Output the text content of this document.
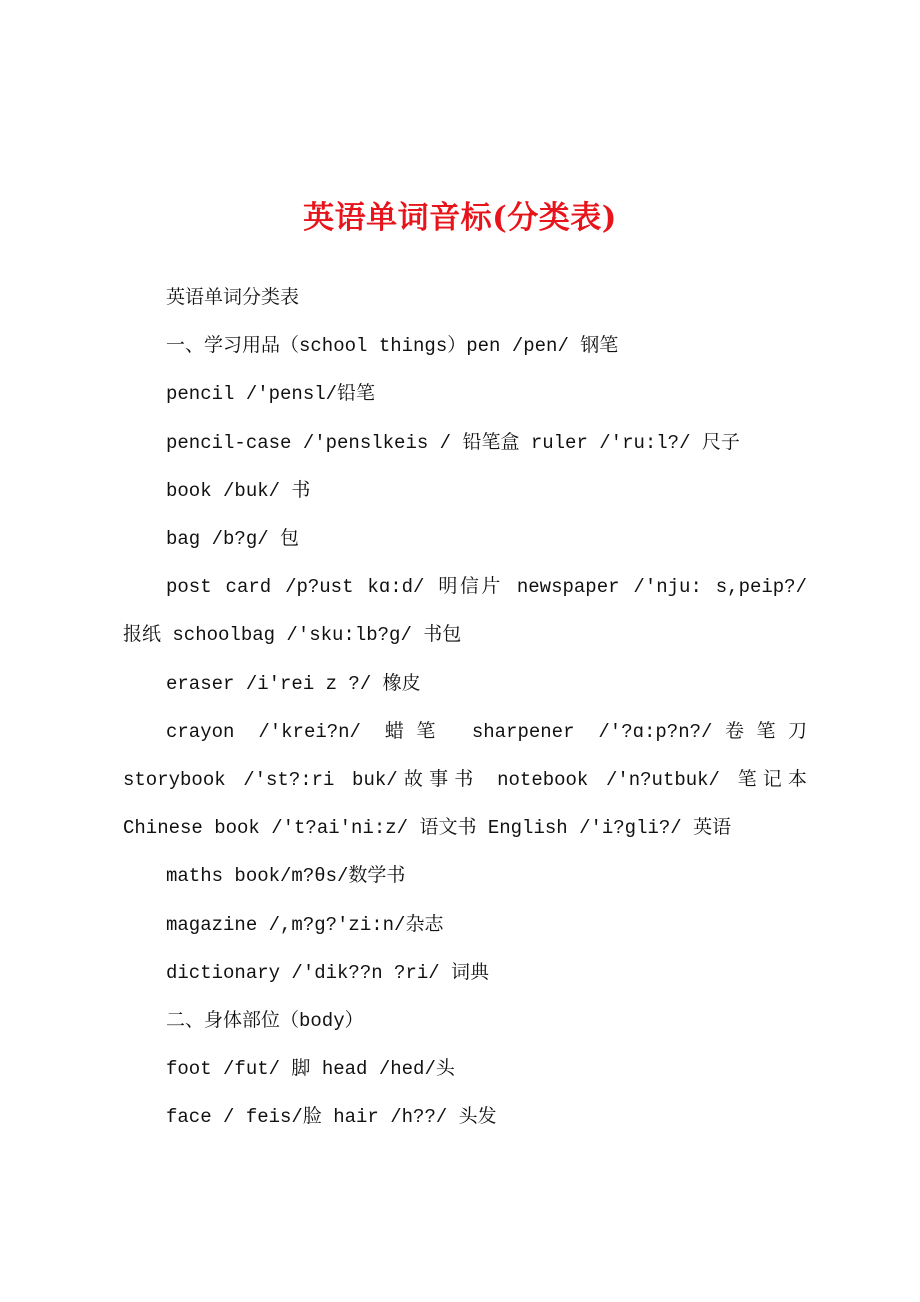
英语单词音标(分类表)

英语单词分类表

一、学习用品（school things）pen /pen/ 钢笔

pencil /'pensl/铅笔

pencil-case /'penslkeis / 铅笔盒 ruler /'ru:l?/ 尺子

book /buk/ 书

bag /b?g/ 包

post card /p?ust kɑ:d/ 明信片 newspaper /'nju: s,peip?/ 报纸 schoolbag /'sku:lb?g/ 书包

eraser /i'rei z ?/ 橡皮

crayon /'krei?n/ 蜡笔 sharpener /'?ɑ:p?n?/卷笔刀 storybook /'st?:ri buk/故事书 notebook /'n?utbuk/ 笔记本 Chinese book /'t?ai'ni:z/ 语文书 English /'i?gli?/ 英语

maths book/m?θs/数学书

magazine /,m?g?'zi:n/杂志

dictionary /'dik??n ?ri/ 词典

二、身体部位（body）

foot /fut/ 脚 head /hed/头

face / feis/脸 hair /h??/ 头发
